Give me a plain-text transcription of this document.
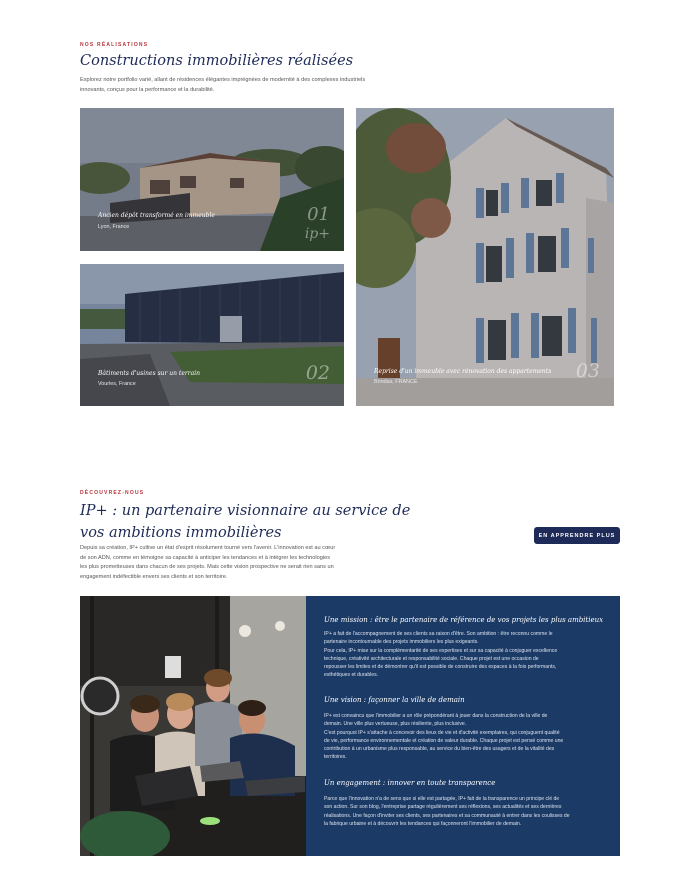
NOS RÉALISATIONS
Constructions immobilières réalisées
Explorez notre portfolio varié, allant de résidences élégantes imprégnées de modernité à des complexes industriels
innovants, conçus pour la performance et la durabilité.
Ancien dépôt transformé en immeuble
Lyon, France
01
ip+
Bâtiments d'usines sur un terrain
Vourles, France	02	Reprise d'un immeuble avec rénovation des appartements
Brindas, FRANCE	03
DÉCOUVREZ-NOUS
IP+ : un partenaire visionnaire au service de
vos ambitions immobilières
Depuis sa création, IP+ cultive un état d'esprit résolument tourné vers l'avenir. L'innovation est au cœur
de son ADN, comme en témoigne sa capacité à anticiper les tendances et à intégrer les technologies
les plus prometteuses dans chacun de ses projets. Mais cette vision prospective ne serait rien sans un
engagement indéfectible envers ses clients et son territoire.
EN APPRENDRE PLUS
Une mission : être le partenaire de référence de vos projets les plus ambitieux
IP+ a fait de l'accompagnement de ses clients sa raison d'être. Son ambition : être reconnu comme le
partenaire incontournable des projets immobiliers les plus exigeants.
Pour cela, IP+ mise sur la complémentarité de ses expertises et sur sa capacité à conjuguer excellence
technique, créativité architecturale et responsabilité sociale. Chaque projet est une occasion de
repousser les limites et de démontrer qu'il est possible de construire des espaces à la fois performants,
esthétiques et durables.
Une vision : façonner la ville de demain
IP+ est convaincu que l'immobilier a un rôle prépondérant à jouer dans la construction de la ville de
demain. Une ville plus vertueuse, plus résiliente, plus inclusive.
C'est pourquoi IP+ s'attache à concevoir des lieux de vie et d'activité exemplaires, qui conjuguent qualité
de vie, performance environnementale et création de valeur durable. Chaque projet est pensé comme une
contribution à un urbanisme plus responsable, au service du bien-être des usagers et de la vitalité des
territoires.
Un engagement : innover en toute transparence
Parce que l'innovation n'a de sens que si elle est partagée, IP+ fait de la transparence un principe clé de
son action. Sur son blog, l'entreprise partage régulièrement ses réflexions, ses actualités et ses dernières
réalisations. Une façon d'inviter ses clients, ses partenaires et sa communauté à entrer dans les coulisses de
la fabrique urbaine et à découvrir les tendances qui façonneront l'immobilier de demain.
